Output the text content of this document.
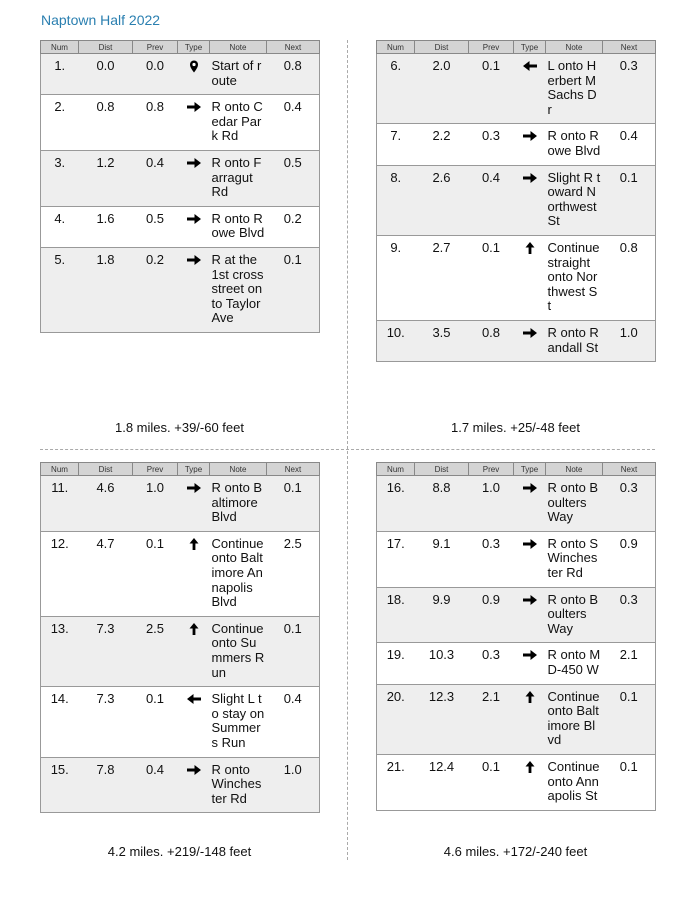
Naptown Half 2022
Num	Dist	Prev	Type	Note	Next
1.	0.0	0.0		Start of route	0.8
2.	0.8	0.8		R onto Cedar Park Rd	0.4
3.	1.2	0.4		R onto Farragut Rd	0.5
4.	1.6	0.5		R onto Rowe Blvd	0.2
5.	1.8	0.2		R at the 1st cross street onto Taylor Ave	0.1
1.8 miles. +39/-60 feet
Num	Dist	Prev	Type	Note	Next
6.	2.0	0.1		L onto Herbert M Sachs Dr	0.3
7.	2.2	0.3		R onto Rowe Blvd	0.4
8.	2.6	0.4		Slight R toward Northwest St	0.1
9.	2.7	0.1		Continue straight onto Northwest St	0.8
10.	3.5	0.8		R onto Randall St	1.0
1.7 miles. +25/-48 feet
Num	Dist	Prev	Type	Note	Next
11.	4.6	1.0		R onto Baltimore Blvd	0.1
12.	4.7	0.1		Continue onto Baltimore Annapolis Blvd	2.5
13.	7.3	2.5		Continue onto Summers Run	0.1
14.	7.3	0.1		Slight L to stay on Summers Run	0.4
15.	7.8	0.4		R onto Winchester Rd	1.0
4.2 miles. +219/-148 feet
Num	Dist	Prev	Type	Note	Next
16.	8.8	1.0		R onto Boulters Way	0.3
17.	9.1	0.3		R onto S Winchester Rd	0.9
18.	9.9	0.9		R onto Boulters Way	0.3
19.	10.3	0.3		R onto MD-450 W	2.1
20.	12.3	2.1		Continue onto Baltimore Blvd	0.1
21.	12.4	0.1		Continue onto Annapolis St	0.1
4.6 miles. +172/-240 feet
